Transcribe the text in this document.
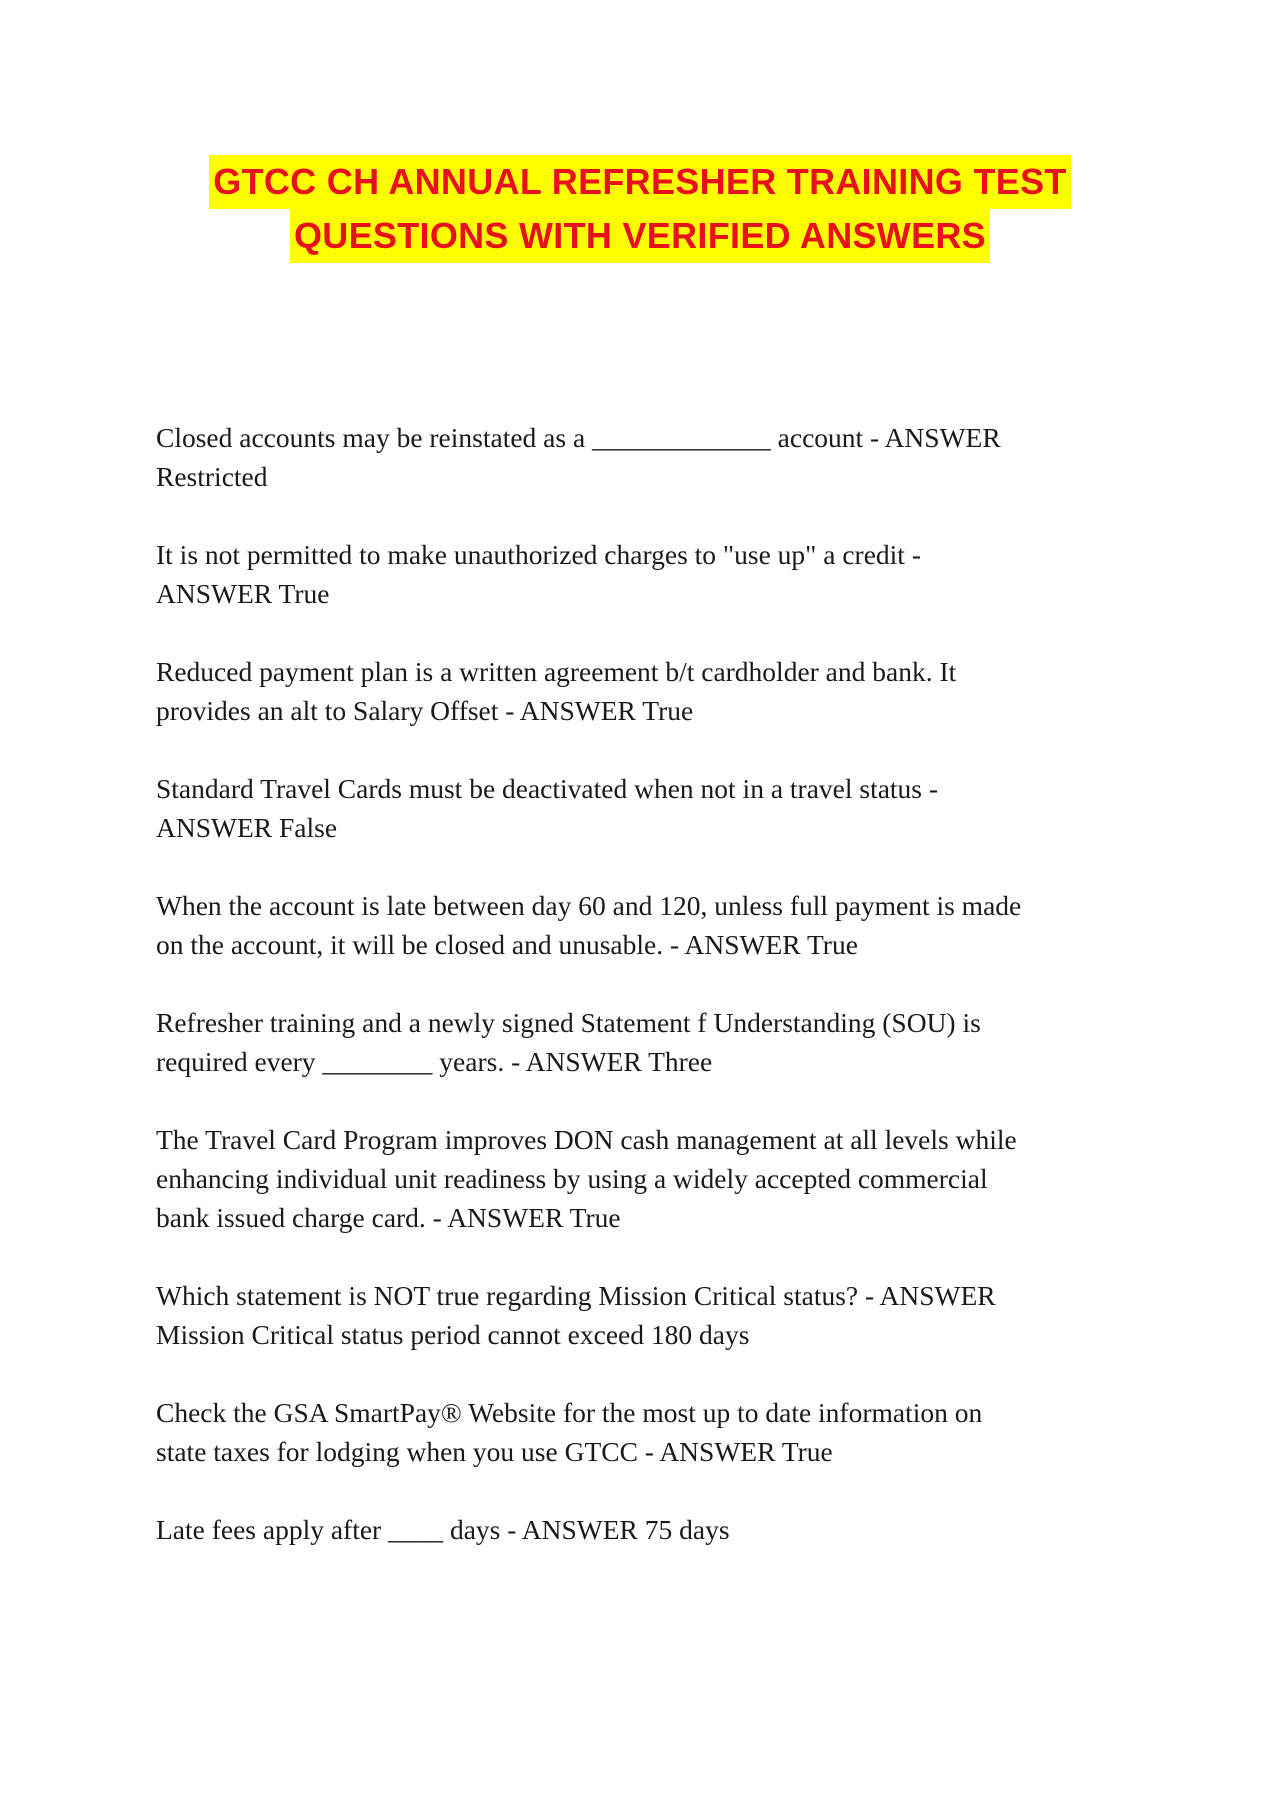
GTCC CH ANNUAL REFRESHER TRAINING TEST
QUESTIONS WITH VERIFIED ANSWERS
Closed accounts may be reinstated as a _____________ account - ANSWER
Restricted
It is not permitted to make unauthorized charges to "use up" a credit -
ANSWER True
Reduced payment plan is a written agreement b/t cardholder and bank. It
provides an alt to Salary Offset - ANSWER True
Standard Travel Cards must be deactivated when not in a travel status -
ANSWER False
When the account is late between day 60 and 120, unless full payment is made
on the account, it will be closed and unusable. - ANSWER True
Refresher training and a newly signed Statement f Understanding (SOU) is
required every ________ years. - ANSWER Three
The Travel Card Program improves DON cash management at all levels while
enhancing individual unit readiness by using a widely accepted commercial
bank issued charge card. - ANSWER True
Which statement is NOT true regarding Mission Critical status? - ANSWER
Mission Critical status period cannot exceed 180 days
Check the GSA SmartPay® Website for the most up to date information on
state taxes for lodging when you use GTCC - ANSWER True
Late fees apply after ____ days - ANSWER 75 days
